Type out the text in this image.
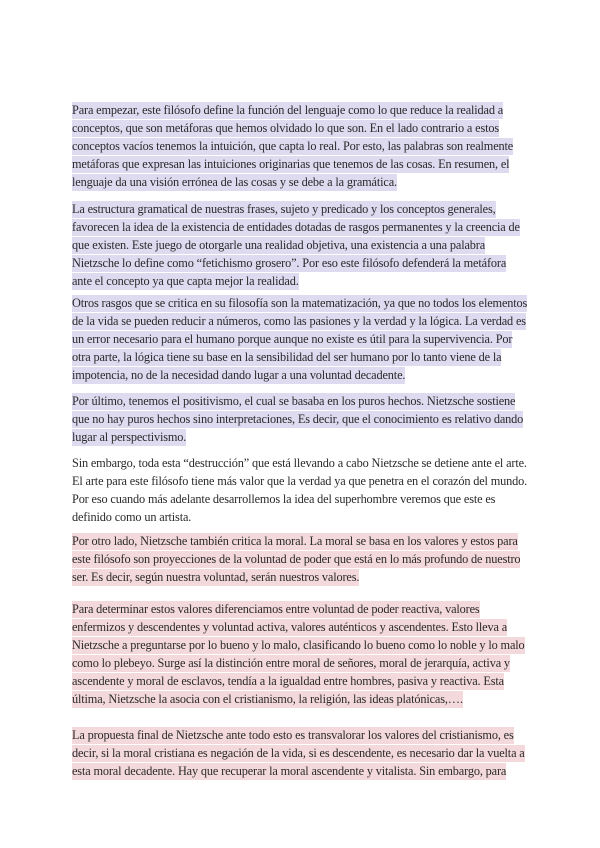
Para empezar, este filósofo define la función del lenguaje como lo que reduce la realidad a conceptos, que son metáforas que hemos olvidado lo que son. En el lado contrario a estos conceptos vacíos tenemos la intuición, que capta lo real. Por esto, las palabras son realmente metáforas que expresan las intuiciones originarias que tenemos de las cosas. En resumen, el lenguaje da una visión errónea de las cosas y se debe a la gramática.

La estructura gramatical de nuestras frases, sujeto y predicado y los conceptos generales, favorecen la idea de la existencia de entidades dotadas de rasgos permanentes y la creencia de que existen. Este juego de otorgarle una realidad objetiva, una existencia a una palabra Nietzsche lo define como “fetichismo grosero”. Por eso este filósofo defenderá la metáfora ante el concepto ya que capta mejor la realidad.

Otros rasgos que se critica en su filosofía son la matematización, ya que no todos los elementos de la vida se pueden reducir a números, como las pasiones y la verdad y la lógica. La verdad es un error necesario para el humano porque aunque no existe es útil para la supervivencia. Por otra parte, la lógica tiene su base en la sensibilidad del ser humano por lo tanto viene de la impotencia, no de la necesidad dando lugar a una voluntad decadente.

Por último, tenemos el positivismo, el cual se basaba en los puros hechos. Nietzsche sostiene que no hay puros hechos sino interpretaciones, Es decir, que el conocimiento es relativo dando lugar al perspectivismo.

Sin embargo, toda esta “destrucción” que está llevando a cabo Nietzsche se detiene ante el arte. El arte para este filósofo tiene más valor que la verdad ya que penetra en el corazón del mundo. Por eso cuando más adelante desarrollemos la idea del superhombre veremos que este es definido como un artista.

Por otro lado, Nietzsche también critica la moral. La moral se basa en los valores y estos para este filósofo son proyecciones de la voluntad de poder que está en lo más profundo de nuestro ser. Es decir, según nuestra voluntad, serán nuestros valores.

Para determinar estos valores diferenciamos entre voluntad de poder reactiva, valores enfermizos y descendentes y voluntad activa, valores auténticos y ascendentes. Esto lleva a Nietzsche a preguntarse por lo bueno y lo malo, clasificando lo bueno como lo noble y lo malo como lo plebeyo. Surge así la distinción entre moral de señores, moral de jerarquía, activa y ascendente y moral de esclavos, tendía a la igualdad entre hombres, pasiva y reactiva. Esta última, Nietzsche la asocia con el cristianismo, la religión, las ideas platónicas,….

La propuesta final de Nietzsche ante todo esto es transvalorar los valores del cristianismo, es decir, si la moral cristiana es negación de la vida, si es descendente, es necesario dar la vuelta a esta moral decadente. Hay que recuperar la moral ascendente y vitalista. Sin embargo, para
